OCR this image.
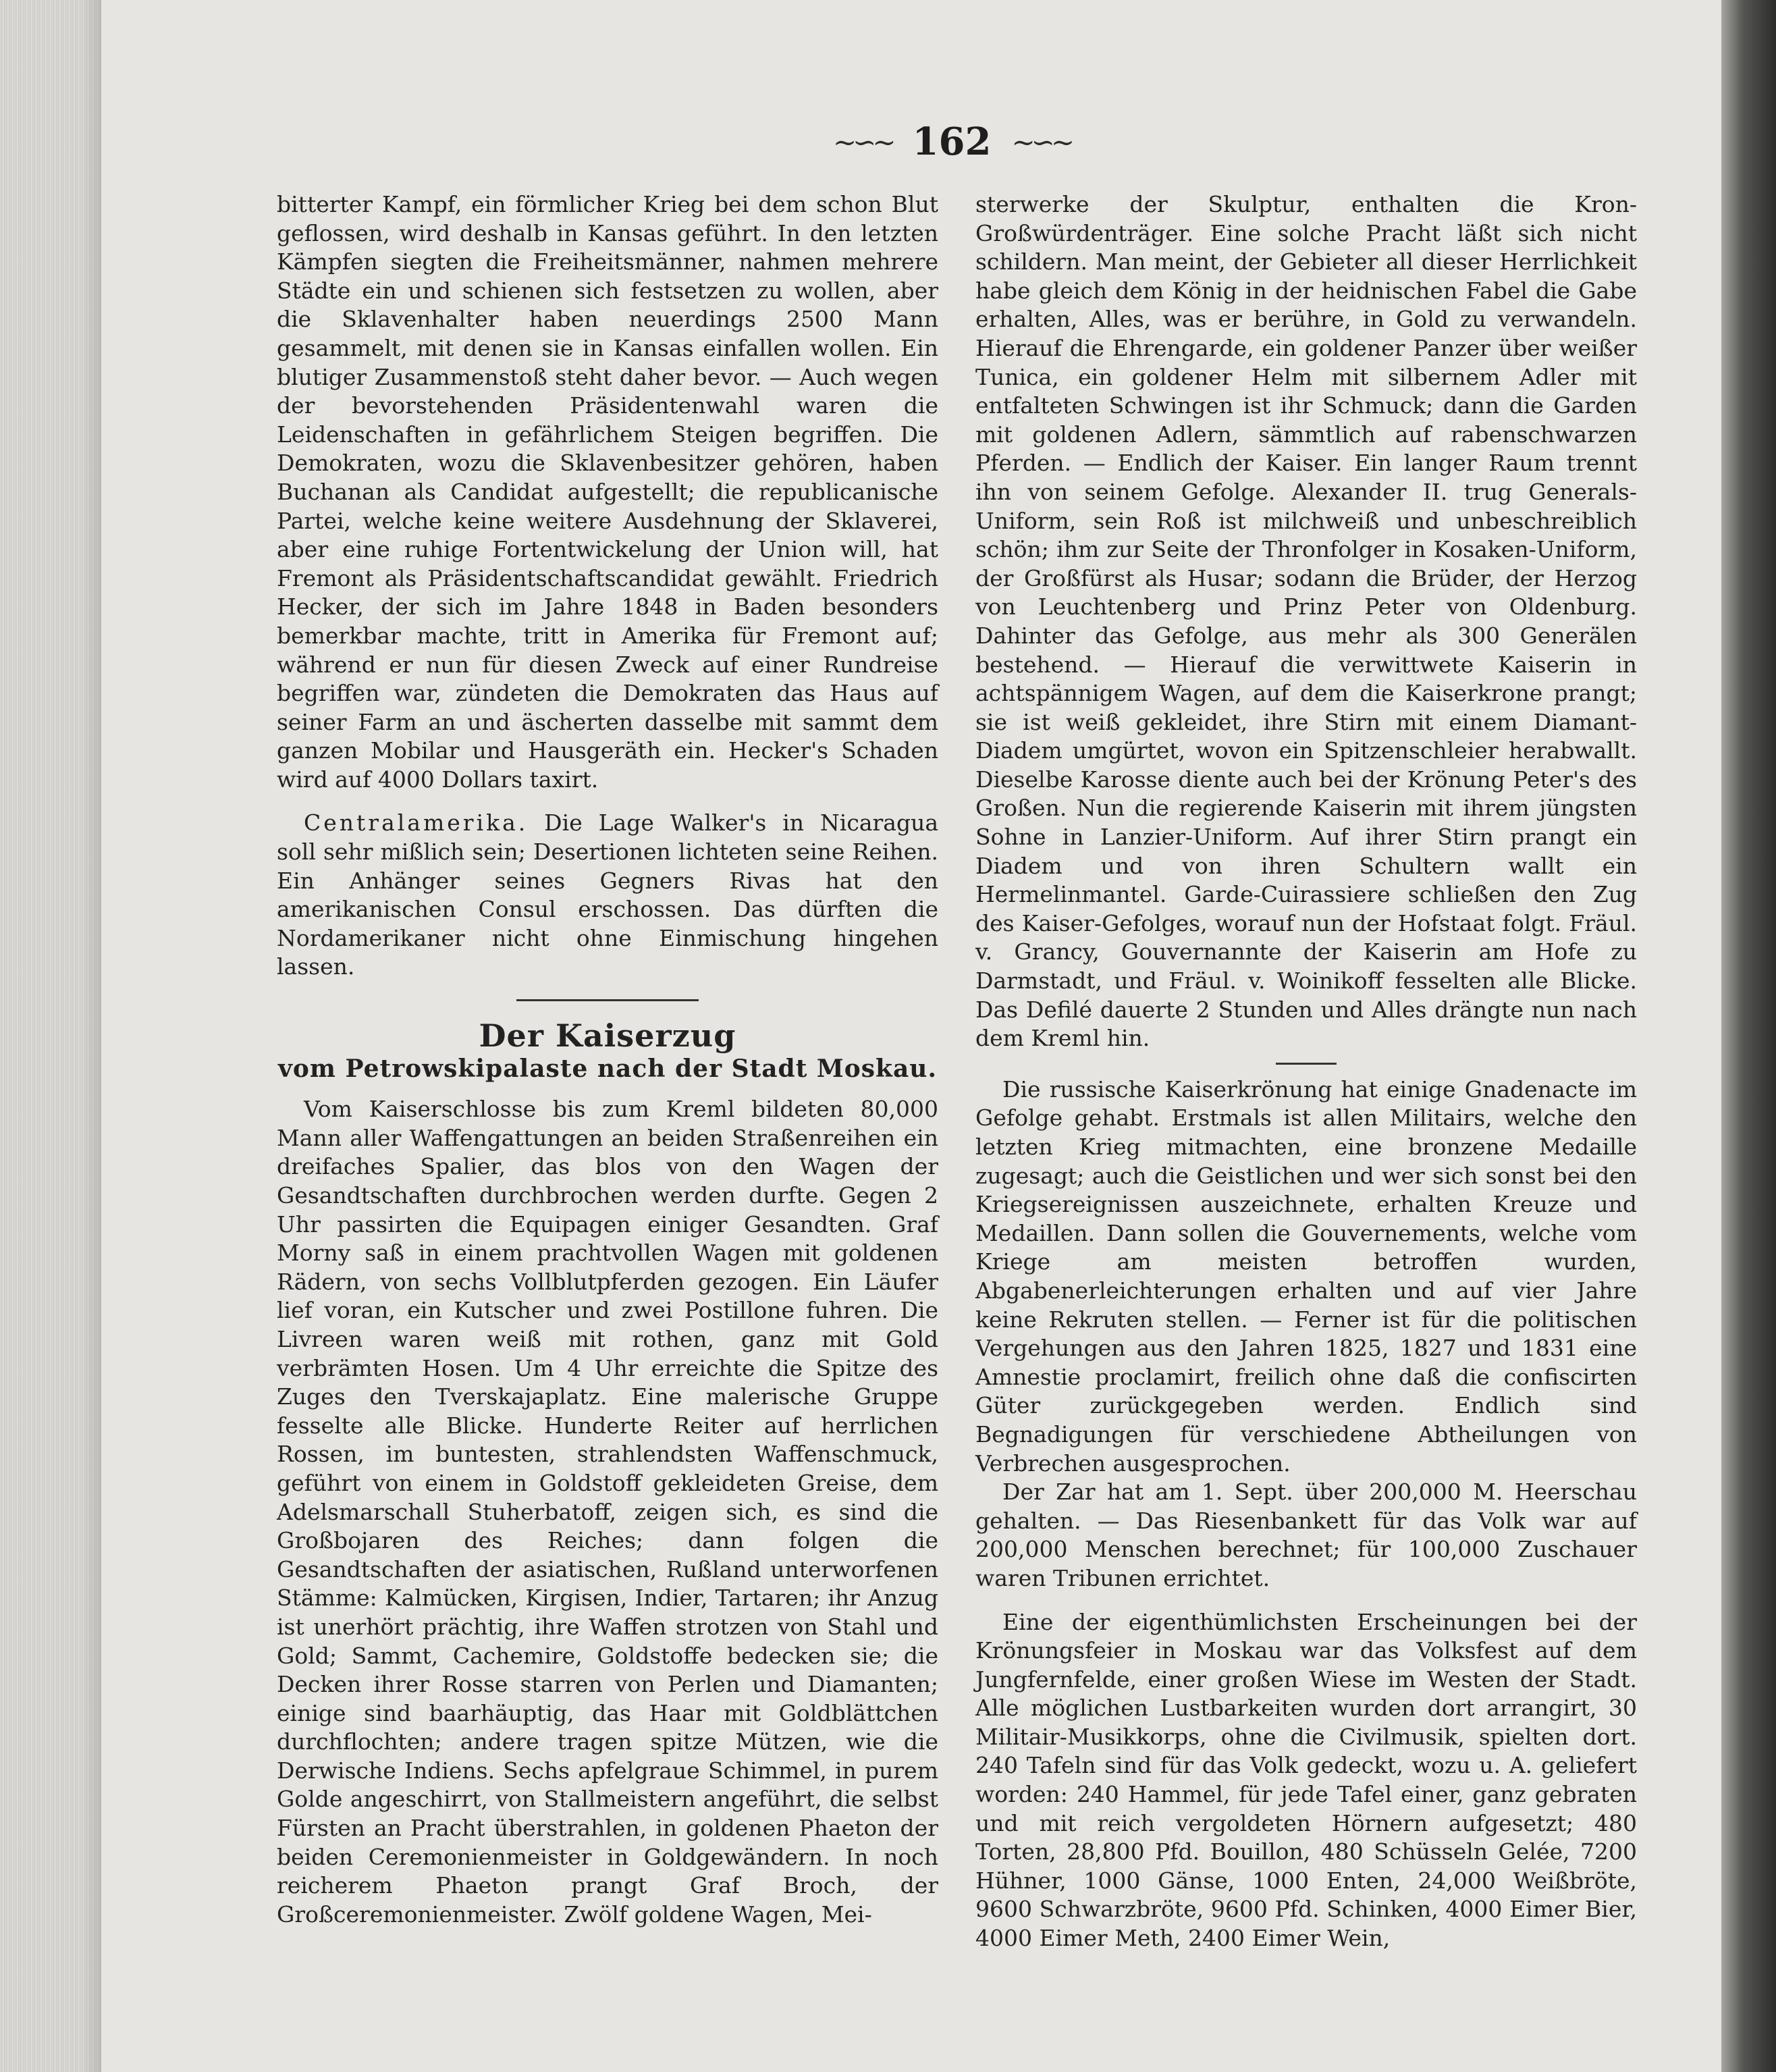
∼∽∼ 162 ∼∽∼

bitterter Kampf, ein förmlicher Krieg bei dem schon Blut geflossen, wird deshalb in Kansas geführt. In den letzten Kämpfen siegten die Freiheitsmänner, nahmen mehrere Städte ein und schienen sich festsetzen zu wollen, aber die Sklavenhalter haben neuerdings 2500 Mann gesammelt, mit denen sie in Kansas einfallen wollen. Ein blutiger Zusammenstoß steht daher bevor. — Auch wegen der bevorstehenden Präsidentenwahl waren die Leidenschaften in gefährlichem Steigen begriffen. Die Demokraten, wozu die Sklavenbesitzer gehören, haben Buchanan als Candidat aufgestellt; die republicanische Partei, welche keine weitere Ausdehnung der Sklaverei, aber eine ruhige Fortentwickelung der Union will, hat Fremont als Präsidentschaftscandidat gewählt. Friedrich Hecker, der sich im Jahre 1848 in Baden besonders bemerkbar machte, tritt in Amerika für Fremont auf; während er nun für diesen Zweck auf einer Rundreise begriffen war, zündeten die Demokraten das Haus auf seiner Farm an und äscherten dasselbe mit sammt dem ganzen Mobilar und Hausgeräth ein. Hecker's Schaden wird auf 4000 Dollars taxirt.

Centralamerika. Die Lage Walker's in Nicaragua soll sehr mißlich sein; Desertionen lichteten seine Reihen. Ein Anhänger seines Gegners Rivas hat den amerikanischen Consul erschossen. Das dürften die Nordamerikaner nicht ohne Einmischung hingehen lassen.

Der Kaiserzug
vom Petrowskipalaste nach der Stadt Moskau.

Vom Kaiserschlosse bis zum Kreml bildeten 80,000 Mann aller Waffengattungen an beiden Straßenreihen ein dreifaches Spalier, das blos von den Wagen der Gesandtschaften durchbrochen werden durfte. Gegen 2 Uhr passirten die Equipagen einiger Gesandten. Graf Morny saß in einem prachtvollen Wagen mit goldenen Rädern, von sechs Vollblutpferden gezogen. Ein Läufer lief voran, ein Kutscher und zwei Postillone fuhren. Die Livreen waren weiß mit rothen, ganz mit Gold verbrämten Hosen. Um 4 Uhr erreichte die Spitze des Zuges den Tverskajaplatz. Eine malerische Gruppe fesselte alle Blicke. Hunderte Reiter auf herrlichen Rossen, im buntesten, strahlendsten Waffenschmuck, geführt von einem in Goldstoff gekleideten Greise, dem Adelsmarschall Stuherbatoff, zeigen sich, es sind die Großbojaren des Reiches; dann folgen die Gesandtschaften der asiatischen, Rußland unterworfenen Stämme: Kalmücken, Kirgisen, Indier, Tartaren; ihr Anzug ist unerhört prächtig, ihre Waffen strotzen von Stahl und Gold; Sammt, Cachemire, Goldstoffe bedecken sie; die Decken ihrer Rosse starren von Perlen und Diamanten; einige sind baarhäuptig, das Haar mit Goldblättchen durchflochten; andere tragen spitze Mützen, wie die Derwische Indiens. Sechs apfelgraue Schimmel, in purem Golde angeschirrt, von Stallmeistern angeführt, die selbst Fürsten an Pracht überstrahlen, in goldenen Phaeton der beiden Ceremonienmeister in Goldgewändern. In noch reicherem Phaeton prangt Graf Broch, der Großceremonienmeister. Zwölf goldene Wagen, Mei-

sterwerke der Skulptur, enthalten die Kron-Großwürdenträger. Eine solche Pracht läßt sich nicht schildern. Man meint, der Gebieter all dieser Herrlichkeit habe gleich dem König in der heidnischen Fabel die Gabe erhalten, Alles, was er berühre, in Gold zu verwandeln. Hierauf die Ehrengarde, ein goldener Panzer über weißer Tunica, ein goldener Helm mit silbernem Adler mit entfalteten Schwingen ist ihr Schmuck; dann die Garden mit goldenen Adlern, sämmtlich auf rabenschwarzen Pferden. — Endlich der Kaiser. Ein langer Raum trennt ihn von seinem Gefolge. Alexander II. trug Generals-Uniform, sein Roß ist milchweiß und unbeschreiblich schön; ihm zur Seite der Thronfolger in Kosaken-Uniform, der Großfürst als Husar; sodann die Brüder, der Herzog von Leuchtenberg und Prinz Peter von Oldenburg. Dahinter das Gefolge, aus mehr als 300 Generälen bestehend. — Hierauf die verwittwete Kaiserin in achtspännigem Wagen, auf dem die Kaiserkrone prangt; sie ist weiß gekleidet, ihre Stirn mit einem Diamant-Diadem umgürtet, wovon ein Spitzenschleier herabwallt. Dieselbe Karosse diente auch bei der Krönung Peter's des Großen. Nun die regierende Kaiserin mit ihrem jüngsten Sohne in Lanzier-Uniform. Auf ihrer Stirn prangt ein Diadem und von ihren Schultern wallt ein Hermelinmantel. Garde-Cuirassiere schließen den Zug des Kaiser-Gefolges, worauf nun der Hofstaat folgt. Fräul. v. Grancy, Gouvernannte der Kaiserin am Hofe zu Darmstadt, und Fräul. v. Woinikoff fesselten alle Blicke. Das Defilé dauerte 2 Stunden und Alles drängte nun nach dem Kreml hin.

Die russische Kaiserkrönung hat einige Gnadenacte im Gefolge gehabt. Erstmals ist allen Militairs, welche den letzten Krieg mitmachten, eine bronzene Medaille zugesagt; auch die Geistlichen und wer sich sonst bei den Kriegsereignissen auszeichnete, erhalten Kreuze und Medaillen. Dann sollen die Gouvernements, welche vom Kriege am meisten betroffen wurden, Abgabenerleichterungen erhalten und auf vier Jahre keine Rekruten stellen. — Ferner ist für die politischen Vergehungen aus den Jahren 1825, 1827 und 1831 eine Amnestie proclamirt, freilich ohne daß die confiscirten Güter zurückgegeben werden. Endlich sind Begnadigungen für verschiedene Abtheilungen von Verbrechen ausgesprochen.

Der Zar hat am 1. Sept. über 200,000 M. Heerschau gehalten. — Das Riesenbankett für das Volk war auf 200,000 Menschen berechnet; für 100,000 Zuschauer waren Tribunen errichtet.

Eine der eigenthümlichsten Erscheinungen bei der Krönungsfeier in Moskau war das Volksfest auf dem Jungfernfelde, einer großen Wiese im Westen der Stadt. Alle möglichen Lustbarkeiten wurden dort arrangirt, 30 Militair-Musikkorps, ohne die Civilmusik, spielten dort. 240 Tafeln sind für das Volk gedeckt, wozu u. A. geliefert worden: 240 Hammel, für jede Tafel einer, ganz gebraten und mit reich vergoldeten Hörnern aufgesetzt; 480 Torten, 28,800 Pfd. Bouillon, 480 Schüsseln Gelée, 7200 Hühner, 1000 Gänse, 1000 Enten, 24,000 Weißbröte, 9600 Schwarzbröte, 9600 Pfd. Schinken, 4000 Eimer Bier, 4000 Eimer Meth, 2400 Eimer Wein,
